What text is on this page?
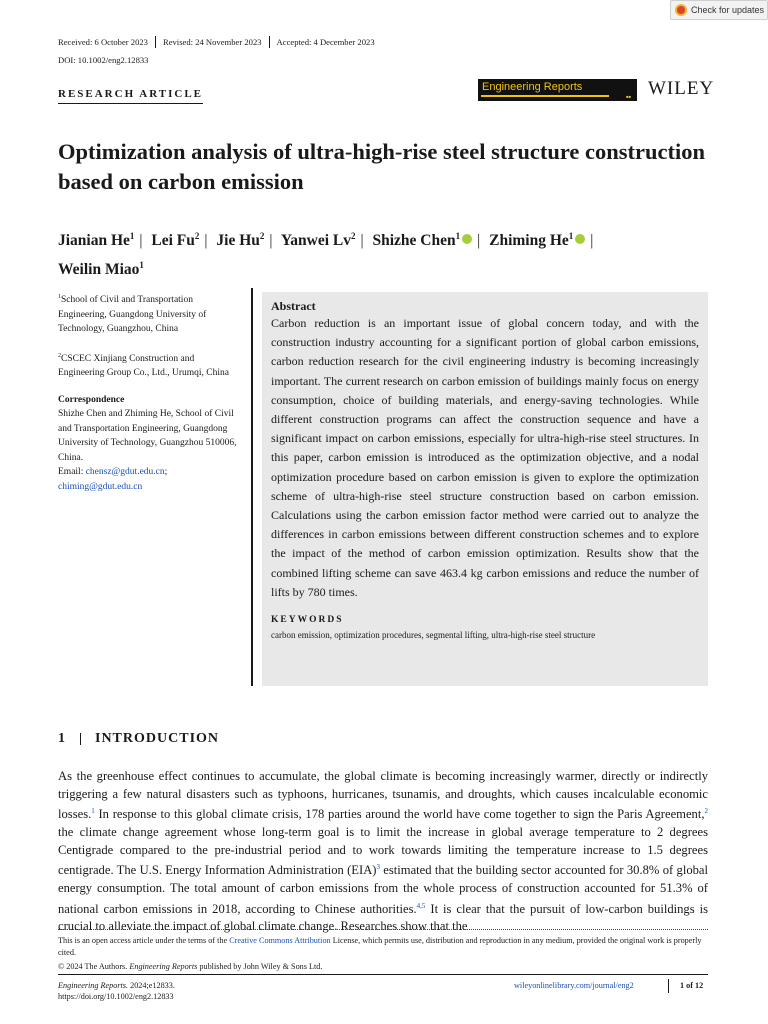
Check for updates
Received: 6 October 2023	Revised: 24 November 2023	Accepted: 4 December 2023
DOI: 10.1002/eng2.12833
RESEARCH ARTICLE
Engineering Reports
■■ WILEY
Optimization analysis of ultra-high-rise steel structure construction based on carbon emission
Jianian He$^1$ | Lei Fu$^2$ | Jie Hu$^2$ | Yanwei Lv$^2$ | Shizhe Chen$^1$ | Zhiming He$^1$ |
Weilin Miao$^1$

$^1$School of Civil and Transportation Engineering, Guangdong University of Technology, Guangzhou, China

$^2$CSCEC Xinjiang Construction and Engineering Group Co., Ltd., Urumqi, China

Correspondence
Shizhe Chen and Zhiming He, School of Civil and Transportation Engineering, Guangdong University of Technology, Guangzhou 510006, China.
Email: chensz@gdut.edu.cn;
chiming@gdut.edu.cn
Abstract
Carbon reduction is an important issue of global concern today, and with the construction industry accounting for a significant portion of global carbon emissions, carbon reduction research for the civil engineering industry is becoming increasingly important. The current research on carbon emission of buildings mainly focus on energy consumption, choice of building materials, and energy-saving technologies. While different construction programs can affect the construction sequence and have a significant impact on carbon emissions, especially for ultra-high-rise steel structures. In this paper, carbon emission is introduced as the optimization objective, and a nodal optimization procedure based on carbon emission is given to explore the optimization scheme of ultra-high-rise steel structure construction based on carbon emission. Calculations using the carbon emission factor method were carried out to analyze the differences in carbon emissions between different construction schemes and to explore the impact of the method of carbon emission optimization. Results show that the combined lifting scheme can save 463.4 kg carbon emissions and reduce the number of lifts by 780 times.
KEYWORDS
carbon emission, optimization procedures, segmental lifting, ultra-high-rise steel structure
1 INTRODUCTION

As the greenhouse effect continues to accumulate, the global climate is becoming increasingly warmer, directly or indirectly triggering a few natural disasters such as typhoons, hurricanes, tsunamis, and droughts, which causes incalculable economic losses.$^1$ In response to this global climate crisis, 178 parties around the world have come together to sign the Paris Agreement,$^2$ the climate change agreement whose long-term goal is to limit the increase in global average temperature to 2 degrees Centigrade compared to the pre-industrial period and to work towards limiting the temperature increase to 1.5 degrees centigrade. The U.S. Energy Information Administration (EIA)$^3$ estimated that the building sector accounted for 30.8% of global energy consumption. The total amount of carbon emissions from the whole process of construction accounted for 51.3% of national carbon emissions in 2018, according to Chinese authorities.$^{4,5}$ It is clear that the pursuit of low-carbon buildings is crucial to alleviate the impact of global climate change. Researches show that the

This is an open access article under the terms of the Creative Commons Attribution License, which permits use, distribution and reproduction in any medium, provided the original work is properly cited.
© 2024 The Authors. Engineering Reports published by John Wiley & Sons Ltd.
Engineering Reports. 2024;e12833.
https://doi.org/10.1002/eng2.12833
wileyonlinelibrary.com/journal/eng2	1 of 12
